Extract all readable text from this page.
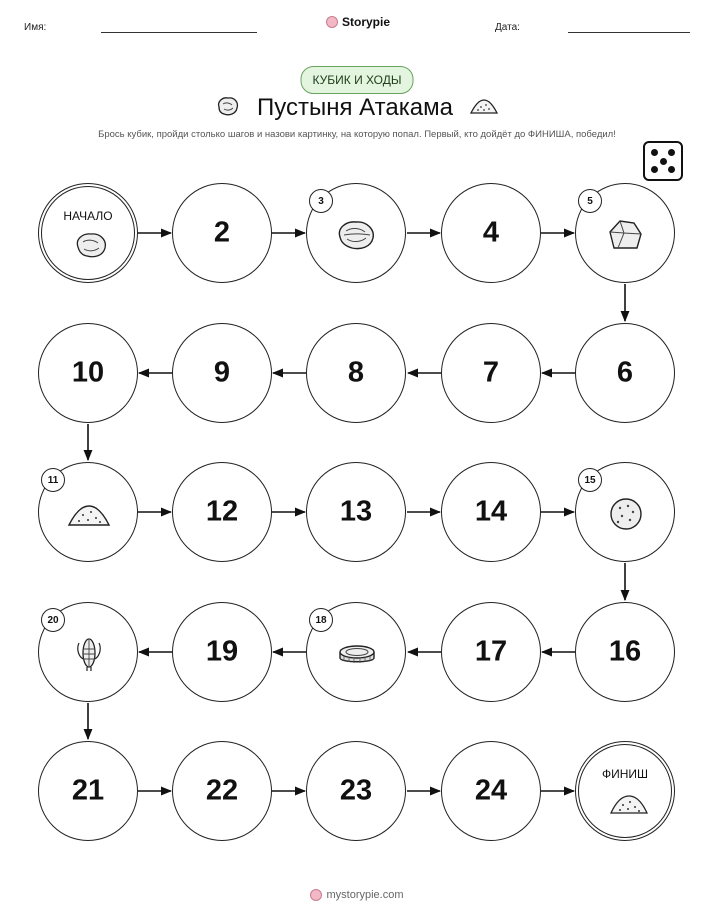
Имя:	Storypie	Дата:
КУБИК И ХОДЫ
Пустыня Атакама
Брось кубик, пройди столько шагов и назови картинку, на которую попал. Первый, кто дойдёт до ФИНИША, победил!
НАЧАЛО
2
3
4
5
10	9	8	7	6
11
12	13	14
15
20
19
18
17	16
21	22	23	24
ФИНИШ
mystorypie.com
